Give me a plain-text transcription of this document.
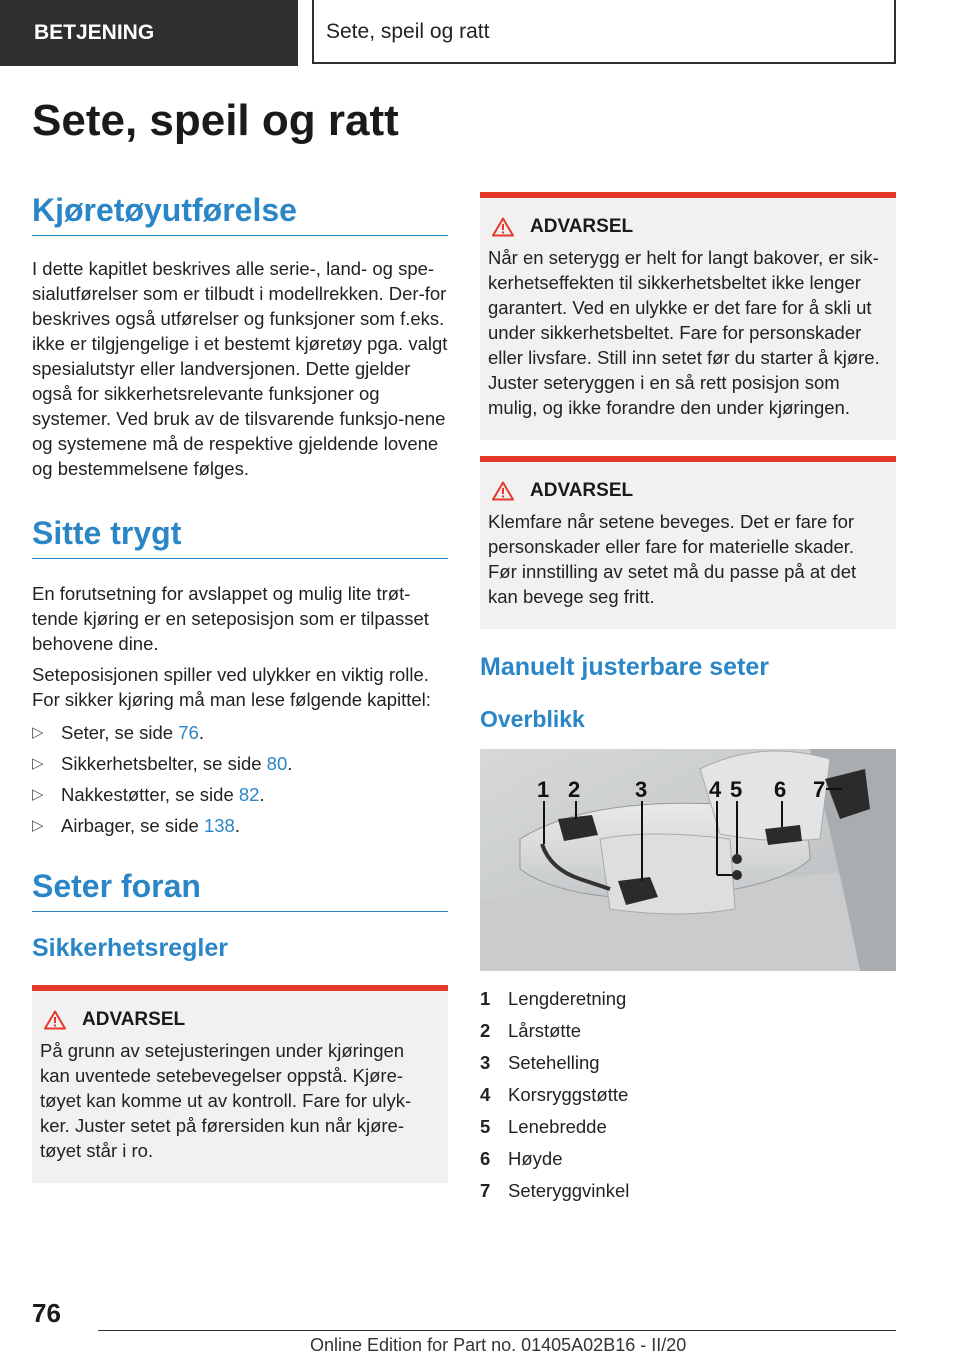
BETJENING	Sete, speil og ratt
Sete, speil og ratt
Kjøretøyutførelse

I dette kapitlet beskrives alle serie-, land- og spe-sialutførelser som er tilbudt i modellrekken. Der-for beskrives også utførelser og funksjoner som f.eks. ikke er tilgjengelige i et bestemt kjøretøy pga. valgt spesialutstyr eller landversjonen. Dette gjelder også for sikkerhetsrelevante funksjoner og systemer. Ved bruk av de tilsvarende funksjo-nene og systemene må de respektive gjeldende lovene og bestemmelsene følges.

Sitte trygt

En forutsetning for avslappet og mulig lite trøt-tende kjøring er en seteposisjon som er tilpasset behovene dine.

Seteposisjonen spiller ved ulykker en viktig rolle. For sikker kjøring må man lese følgende kapittel:

▷ Seter, se side 76.
▷ Sikkerhetsbelter, se side 80.
▷ Nakkestøtter, se side 82.
▷ Airbager, se side 138.
Seter foran
Sikkerhetsregler
ADVARSEL

På grunn av setejusteringen under kjøringen kan uventede setebevegelser oppstå. Kjøre-tøyet kan komme ut av kontroll. Fare for ulyk-ker. Juster setet på førersiden kun når kjøre-tøyet står i ro.

ADVARSEL

Når en seterygg er helt for langt bakover, er sik-kerhetseffekten til sikkerhetsbeltet ikke lenger garantert. Ved en ulykke er det fare for å skli ut under sikkerhetsbeltet. Fare for personskader eller livsfare. Still inn setet før du starter å kjøre. Juster seteryggen i en så rett posisjon som mulig, og ikke forandre den under kjøringen.

ADVARSEL

Klemfare når setene beveges. Det er fare for personskader eller fare for materielle skader. Før innstilling av setet må du passe på at det kan bevege seg fritt.

Manuelt justerbare seter
Overblikk
1 2 3	4 5 6 7
1 Lengderetning
2 Lårstøtte
3 Setehelling
4 Korsryggstøtte
5 Lenebredde
6 Høyde
7 Seteryggvinkel
76
Online Edition for Part no. 01405A02B16 - II/20
